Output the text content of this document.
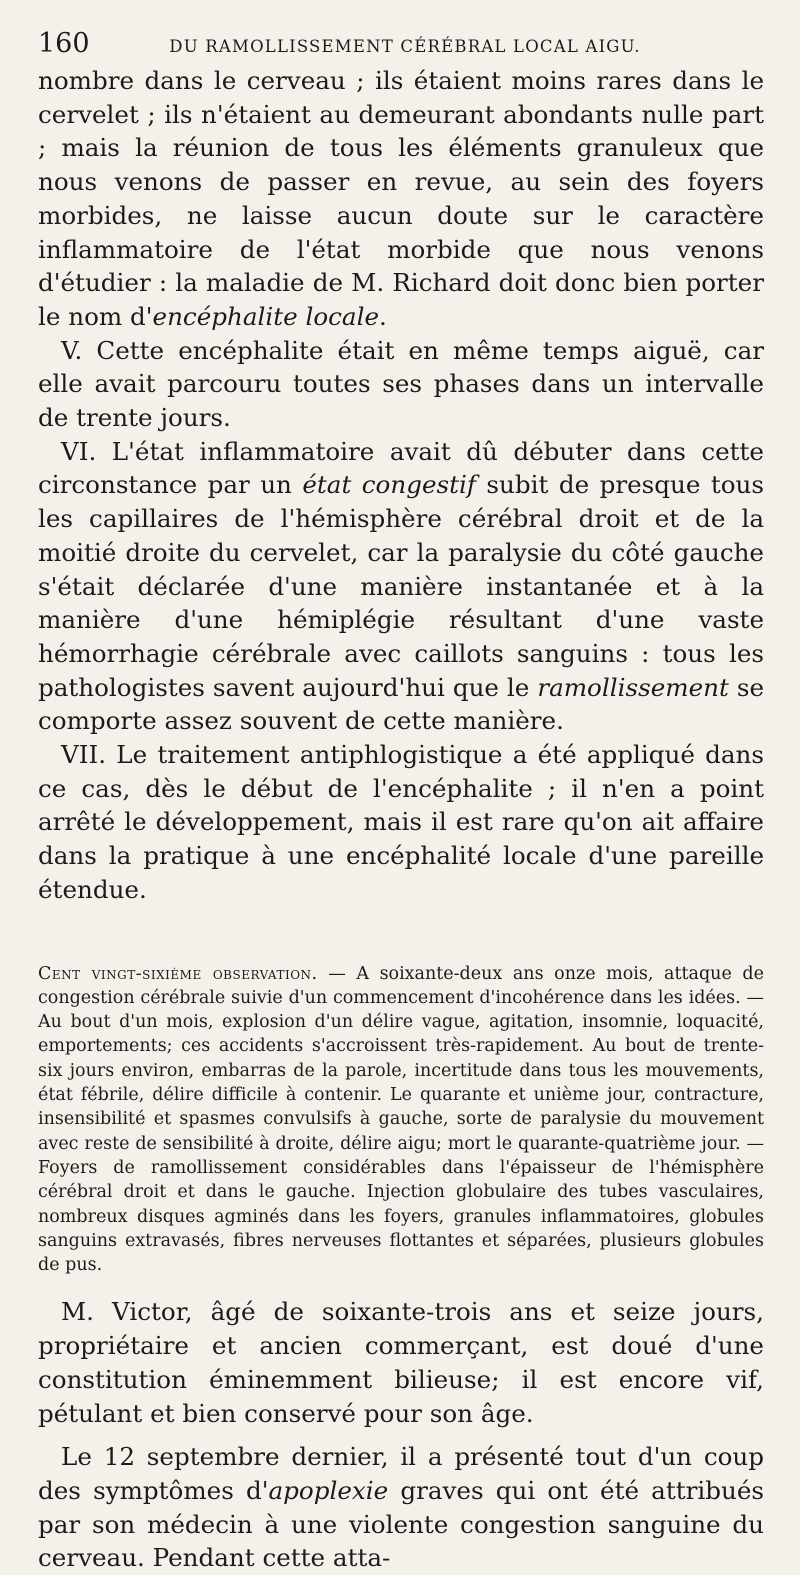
160	DU RAMOLLISSEMENT CÉRÉBRAL LOCAL AIGU.

nombre dans le cerveau ; ils étaient moins rares dans le cervelet ; ils n'étaient au demeurant abondants nulle part ; mais la réunion de tous les éléments granuleux que nous venons de passer en revue, au sein des foyers morbides, ne laisse aucun doute sur le caractère inflammatoire de l'état morbide que nous venons d'étudier : la maladie de M. Richard doit donc bien porter le nom d'encéphalite locale.

V. Cette encéphalite était en même temps aiguë, car elle avait parcouru toutes ses phases dans un intervalle de trente jours.

VI. L'état inflammatoire avait dû débuter dans cette circonstance par un état congestif subit de presque tous les capillaires de l'hémisphère cérébral droit et de la moitié droite du cervelet, car la paralysie du côté gauche s'était déclarée d'une manière instantanée et à la manière d'une hémiplégie résultant d'une vaste hémorrhagie cérébrale avec caillots sanguins : tous les pathologistes savent aujourd'hui que le ramollissement se comporte assez souvent de cette manière.

VII. Le traitement antiphlogistique a été appliqué dans ce cas, dès le début de l'encéphalite ; il n'en a point arrêté le développement, mais il est rare qu'on ait affaire dans la pratique à une encéphalité locale d'une pareille étendue.

Cent vingt-sixième observation. — A soixante-deux ans onze mois, attaque de congestion cérébrale suivie d'un commencement d'incohérence dans les idées. — Au bout d'un mois, explosion d'un délire vague, agitation, insomnie, loquacité, emportements; ces accidents s'accroissent très-rapidement. Au bout de trente-six jours environ, embarras de la parole, incertitude dans tous les mouvements, état fébrile, délire difficile à contenir. Le quarante et unième jour, contracture, insensibilité et spasmes convulsifs à gauche, sorte de paralysie du mouvement avec reste de sensibilité à droite, délire aigu; mort le quarante-quatrième jour. — Foyers de ramollissement considérables dans l'épaisseur de l'hémisphère cérébral droit et dans le gauche. Injection globulaire des tubes vasculaires, nombreux disques agminés dans les foyers, granules inflammatoires, globules sanguins extravasés, fibres nerveuses flottantes et séparées, plusieurs globules de pus.

M. Victor, âgé de soixante-trois ans et seize jours, propriétaire et ancien commerçant, est doué d'une constitution éminemment bilieuse; il est encore vif, pétulant et bien conservé pour son âge.

Le 12 septembre dernier, il a présenté tout d'un coup des symptômes d'apoplexie graves qui ont été attribués par son médecin à une violente congestion sanguine du cerveau. Pendant cette atta-
